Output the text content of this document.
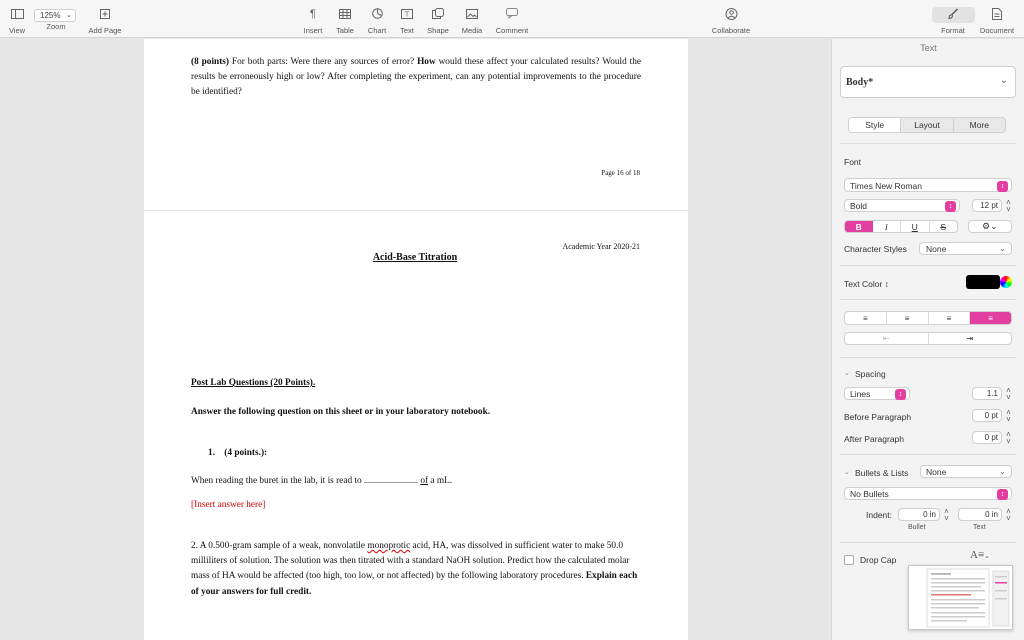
View
125% ⌄
Zoom	Add Page
¶
Insert Table Chart
T
Text Shape Media Comment	Collaborate	Format Document
(8 points) For both parts: Were there any sources of error? How would these affect your calculated results? Would the results be erroneously high or low? After completing the experiment, can any potential improvements to the procedure be identified?
Page 16 of 18
Academic Year 2020-21
Acid-Base Titration
Post Lab Questions (20 Points).
Answer the following question on this sheet or in your laboratory notebook.
1. (4 points.):
When reading the buret in the lab, it is read to	of a mL.
[Insert answer here]
2. A 0.500-gram sample of a weak, nonvolatile monoprotic acid, HA, was dissolved in sufficient water to make 50.0 milliliters of solution. The solution was then titrated with a standard NaOH solution. Predict how the calculated molar mass of HA would be affected (too high, too low, or not affected) by the following laboratory procedures. Explain each of your answers for full credit.
Text
Body*	⌄
Style	Layout	More
Font
Times New Roman	↕
Bold	↕	12 pt ˄
˅
B	I	U	S	⚙⌄
Character Styles None	⌄
Text Color ↕
≡	≡	≡	≡
⇤	⇥
⌄ Spacing
Lines	↕	1.1 ˄
˅
Before Paragraph	0 pt ˄
˅
After Paragraph	0 pt ˄
˅
⌄ Bullets & Lists None	⌄
No Bullets	↕
Indent:	0 in ˄
˅	0 in ˄
˅
Bullet	Text
Drop Cap	A≡⌄
